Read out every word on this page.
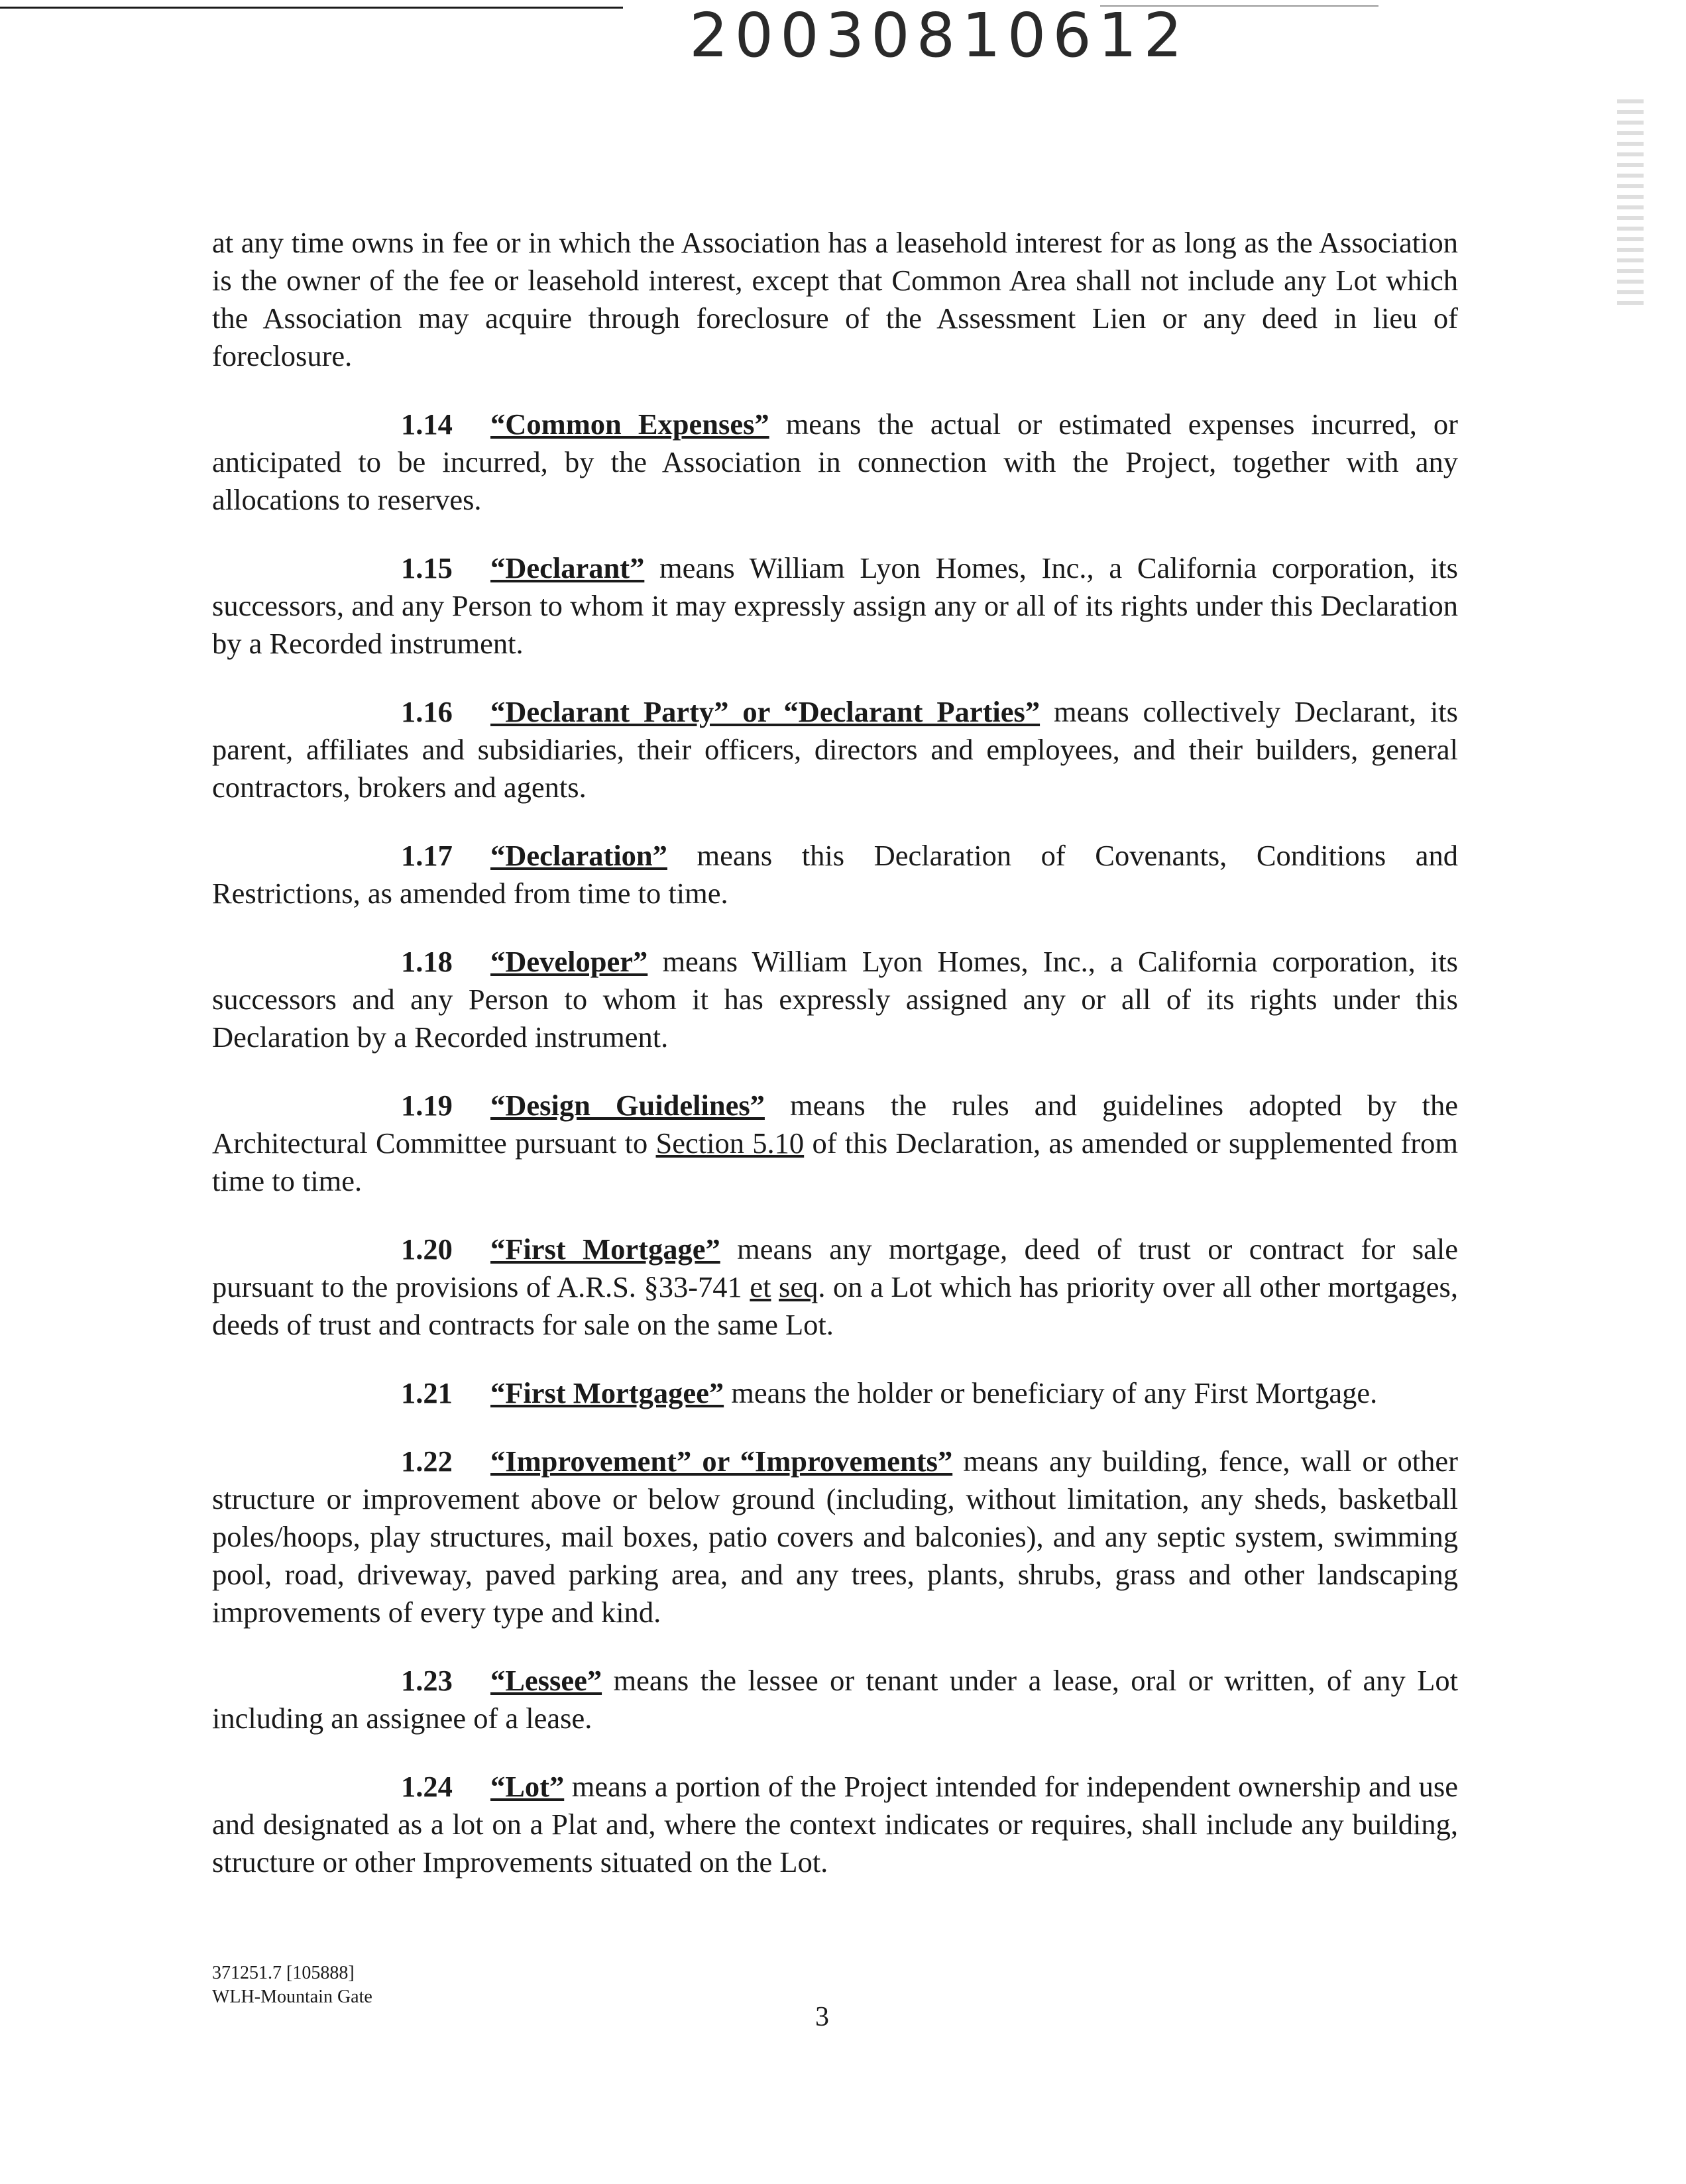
20030810612

at any time owns in fee or in which the Association has a leasehold interest for as long as the Association is the owner of the fee or leasehold interest, except that Common Area shall not include any Lot which the Association may acquire through foreclosure of the Assessment Lien or any deed in lieu of foreclosure.

1.14 “Common Expenses” means the actual or estimated expenses incurred, or anticipated to be incurred, by the Association in connection with the Project, together with any allocations to reserves.

1.15 “Declarant” means William Lyon Homes, Inc., a California corporation, its successors, and any Person to whom it may expressly assign any or all of its rights under this Declaration by a Recorded instrument.

1.16 “Declarant Party” or “Declarant Parties” means collectively Declarant, its parent, affiliates and subsidiaries, their officers, directors and employees, and their builders, general contractors, brokers and agents.

1.17 “Declaration” means this Declaration of Covenants, Conditions and Restrictions, as amended from time to time.

1.18 “Developer” means William Lyon Homes, Inc., a California corporation, its successors and any Person to whom it has expressly assigned any or all of its rights under this Declaration by a Recorded instrument.

1.19 “Design Guidelines” means the rules and guidelines adopted by the Architectural Committee pursuant to Section 5.10 of this Declaration, as amended or supplemented from time to time.

1.20 “First Mortgage” means any mortgage, deed of trust or contract for sale pursuant to the provisions of A.R.S. §33-741 et seq. on a Lot which has priority over all other mortgages, deeds of trust and contracts for sale on the same Lot.

1.21 “First Mortgagee” means the holder or beneficiary of any First Mortgage.

1.22 “Improvement” or “Improvements” means any building, fence, wall or other structure or improvement above or below ground (including, without limitation, any sheds, basketball poles/hoops, play structures, mail boxes, patio covers and balconies), and any septic system, swimming pool, road, driveway, paved parking area, and any trees, plants, shrubs, grass and other landscaping improvements of every type and kind.

1.23 “Lessee” means the lessee or tenant under a lease, oral or written, of any Lot including an assignee of a lease.

1.24 “Lot” means a portion of the Project intended for independent ownership and use and designated as a lot on a Plat and, where the context indicates or requires, shall include any building, structure or other Improvements situated on the Lot.

371251.7 [105888]
WLH-Mountain Gate
3
